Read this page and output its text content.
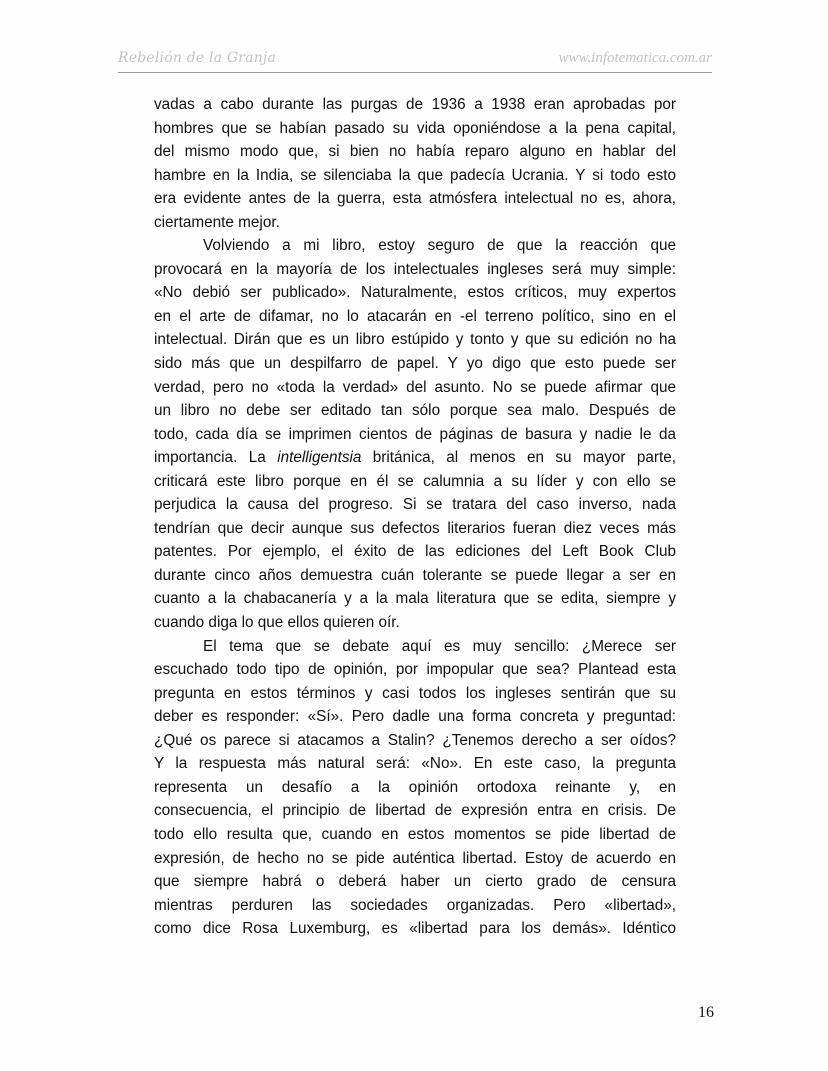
Rebelión de la Granja	www.infotematica.com.ar
vadas a cabo durante las purgas de 1936 a 1938 eran aprobadas por
hombres que se habían pasado su vida oponiéndose a la pena capital,
del mismo modo que, si bien no había reparo alguno en hablar del
hambre en la India, se silenciaba la que padecía Ucrania. Y si todo esto
era evidente antes de la guerra, esta atmósfera intelectual no es, ahora,
ciertamente mejor.
Volviendo a mi libro, estoy seguro de que la reacción que
provocará en la mayoría de los intelectuales ingleses será muy simple:
«No debió ser publicado». Naturalmente, estos críticos, muy expertos
en el arte de difamar, no lo atacarán en -el terreno político, sino en el
intelectual. Dirán que es un libro estúpido y tonto y que su edición no ha
sido más que un despilfarro de papel. Y yo digo que esto puede ser
verdad, pero no «toda la verdad» del asunto. No se puede afirmar que
un libro no debe ser editado tan sólo porque sea malo. Después de
todo, cada día se imprimen cientos de páginas de basura y nadie le da
importancia. La intelligentsia británica, al menos en su mayor parte,
criticará este libro porque en él se calumnia a su líder y con ello se
perjudica la causa del progreso. Si se tratara del caso inverso, nada
tendrían que decir aunque sus defectos literarios fueran diez veces más
patentes. Por ejemplo, el éxito de las ediciones del Left Book Club
durante cinco años demuestra cuán tolerante se puede llegar a ser en
cuanto a la chabacanería y a la mala literatura que se edita, siempre y
cuando diga lo que ellos quieren oír.
El tema que se debate aquí es muy sencillo: ¿Merece ser
escuchado todo tipo de opinión, por impopular que sea? Plantead esta
pregunta en estos términos y casi todos los ingleses sentirán que su
deber es responder: «Sí». Pero dadle una forma concreta y preguntad:
¿Qué os parece si atacamos a Stalin? ¿Tenemos derecho a ser oídos?
Y la respuesta más natural será: «No». En este caso, la pregunta
representa un desafío a la opinión ortodoxa reinante y, en
consecuencia, el principio de libertad de expresión entra en crisis. De
todo ello resulta que, cuando en estos momentos se pide libertad de
expresión, de hecho no se pide auténtica libertad. Estoy de acuerdo en
que siempre habrá o deberá haber un cierto grado de censura
mientras perduren las sociedades organizadas. Pero «libertad»,
como dice Rosa Luxemburg, es «libertad para los demás». Idéntico
16
